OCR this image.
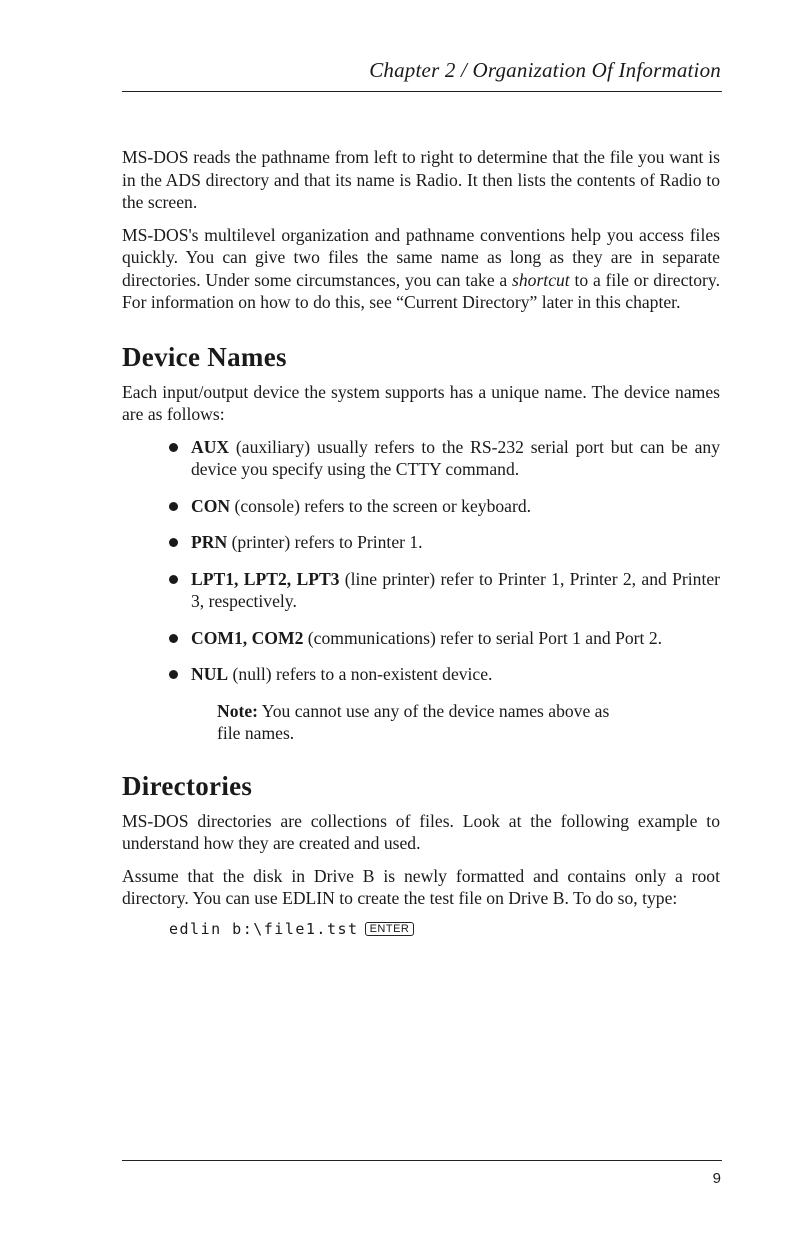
Chapter 2 / Organization Of Information

MS-DOS reads the pathname from left to right to determine that the file you want is in the ADS directory and that its name is Radio. It then lists the contents of Radio to the screen.

MS-DOS's multilevel organization and pathname conventions help you access files quickly. You can give two files the same name as long as they are in separate directories. Under some circumstances, you can take a shortcut to a file or directory. For information on how to do this, see “Current Directory” later in this chapter.

Device Names

Each input/output device the system supports has a unique name. The device names are as follows:

AUX (auxiliary) usually refers to the RS-232 serial port but can be any device you specify using the CTTY command.
CON (console) refers to the screen or keyboard.
PRN (printer) refers to Printer 1.
LPT1, LPT2, LPT3 (line printer) refer to Printer 1, Printer 2, and Printer 3, respectively.
COM1, COM2 (communications) refer to serial Port 1 and Port 2.
NUL (null) refers to a non-existent device.
Note: You cannot use any of the device names above as file names.
Directories

MS-DOS directories are collections of files. Look at the following example to understand how they are created and used.

Assume that the disk in Drive B is newly formatted and contains only a root directory. You can use EDLIN to create the test file on Drive B. To do so, type:

edlin b:\file1.tst ENTER
9
